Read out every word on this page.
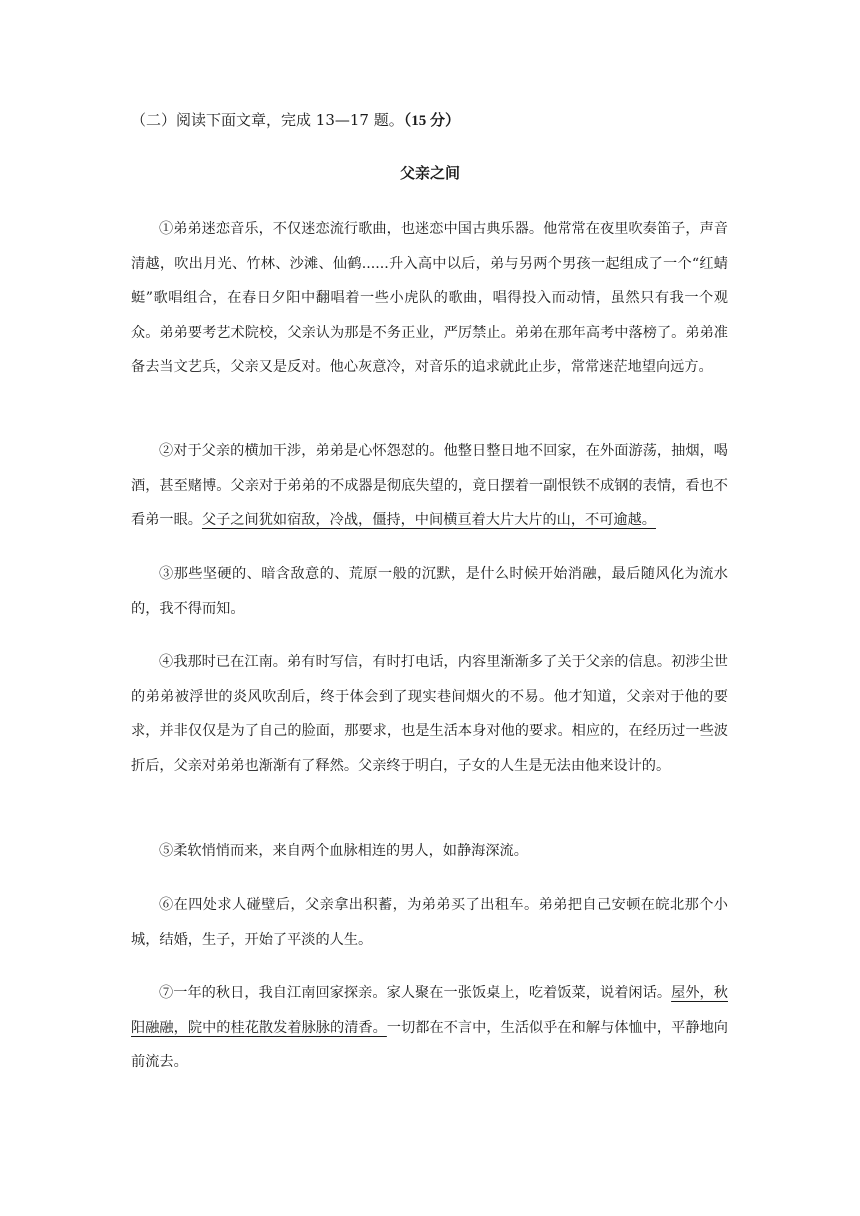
（二）阅读下面文章，完成 13—17 题。（15 分）
父亲之间

①弟弟迷恋音乐，不仅迷恋流行歌曲，也迷恋中国古典乐器。他常常在夜里吹奏笛子，声音清越，吹出月光、竹林、沙滩、仙鹤......升入高中以后，弟与另两个男孩一起组成了一个“红蜻蜓”歌唱组合，在春日夕阳中翻唱着一些小虎队的歌曲，唱得投入而动情，虽然只有我一个观众。弟弟要考艺术院校，父亲认为那是不务正业，严厉禁止。弟弟在那年高考中落榜了。弟弟准备去当文艺兵，父亲又是反对。他心灰意冷，对音乐的追求就此止步，常常迷茫地望向远方。

②对于父亲的横加干涉，弟弟是心怀怨怼的。他整日整日地不回家，在外面游荡，抽烟，喝酒，甚至赌博。父亲对于弟弟的不成器是彻底失望的，竟日摆着一副恨铁不成钢的表情，看也不看弟一眼。父子之间犹如宿敌，冷战，僵持，中间横亘着大片大片的山，不可逾越。

③那些坚硬的、暗含敌意的、荒原一般的沉默，是什么时候开始消融，最后随风化为流水的，我不得而知。

④我那时已在江南。弟有时写信，有时打电话，内容里渐渐多了关于父亲的信息。初涉尘世的弟弟被浮世的炎风吹刮后，终于体会到了现实巷间烟火的不易。他才知道，父亲对于他的要求，并非仅仅是为了自己的脸面，那要求，也是生活本身对他的要求。相应的，在经历过一些波折后，父亲对弟弟也渐渐有了释然。父亲终于明白，子女的人生是无法由他来设计的。

⑤柔软悄悄而来，来自两个血脉相连的男人，如静海深流。

⑥在四处求人碰壁后，父亲拿出积蓄，为弟弟买了出租车。弟弟把自己安顿在皖北那个小城，结婚，生子，开始了平淡的人生。

⑦一年的秋日，我自江南回家探亲。家人聚在一张饭桌上，吃着饭菜，说着闲话。屋外，秋阳融融，院中的桂花散发着脉脉的清香。一切都在不言中，生活似乎在和解与体恤中，平静地向前流去。
